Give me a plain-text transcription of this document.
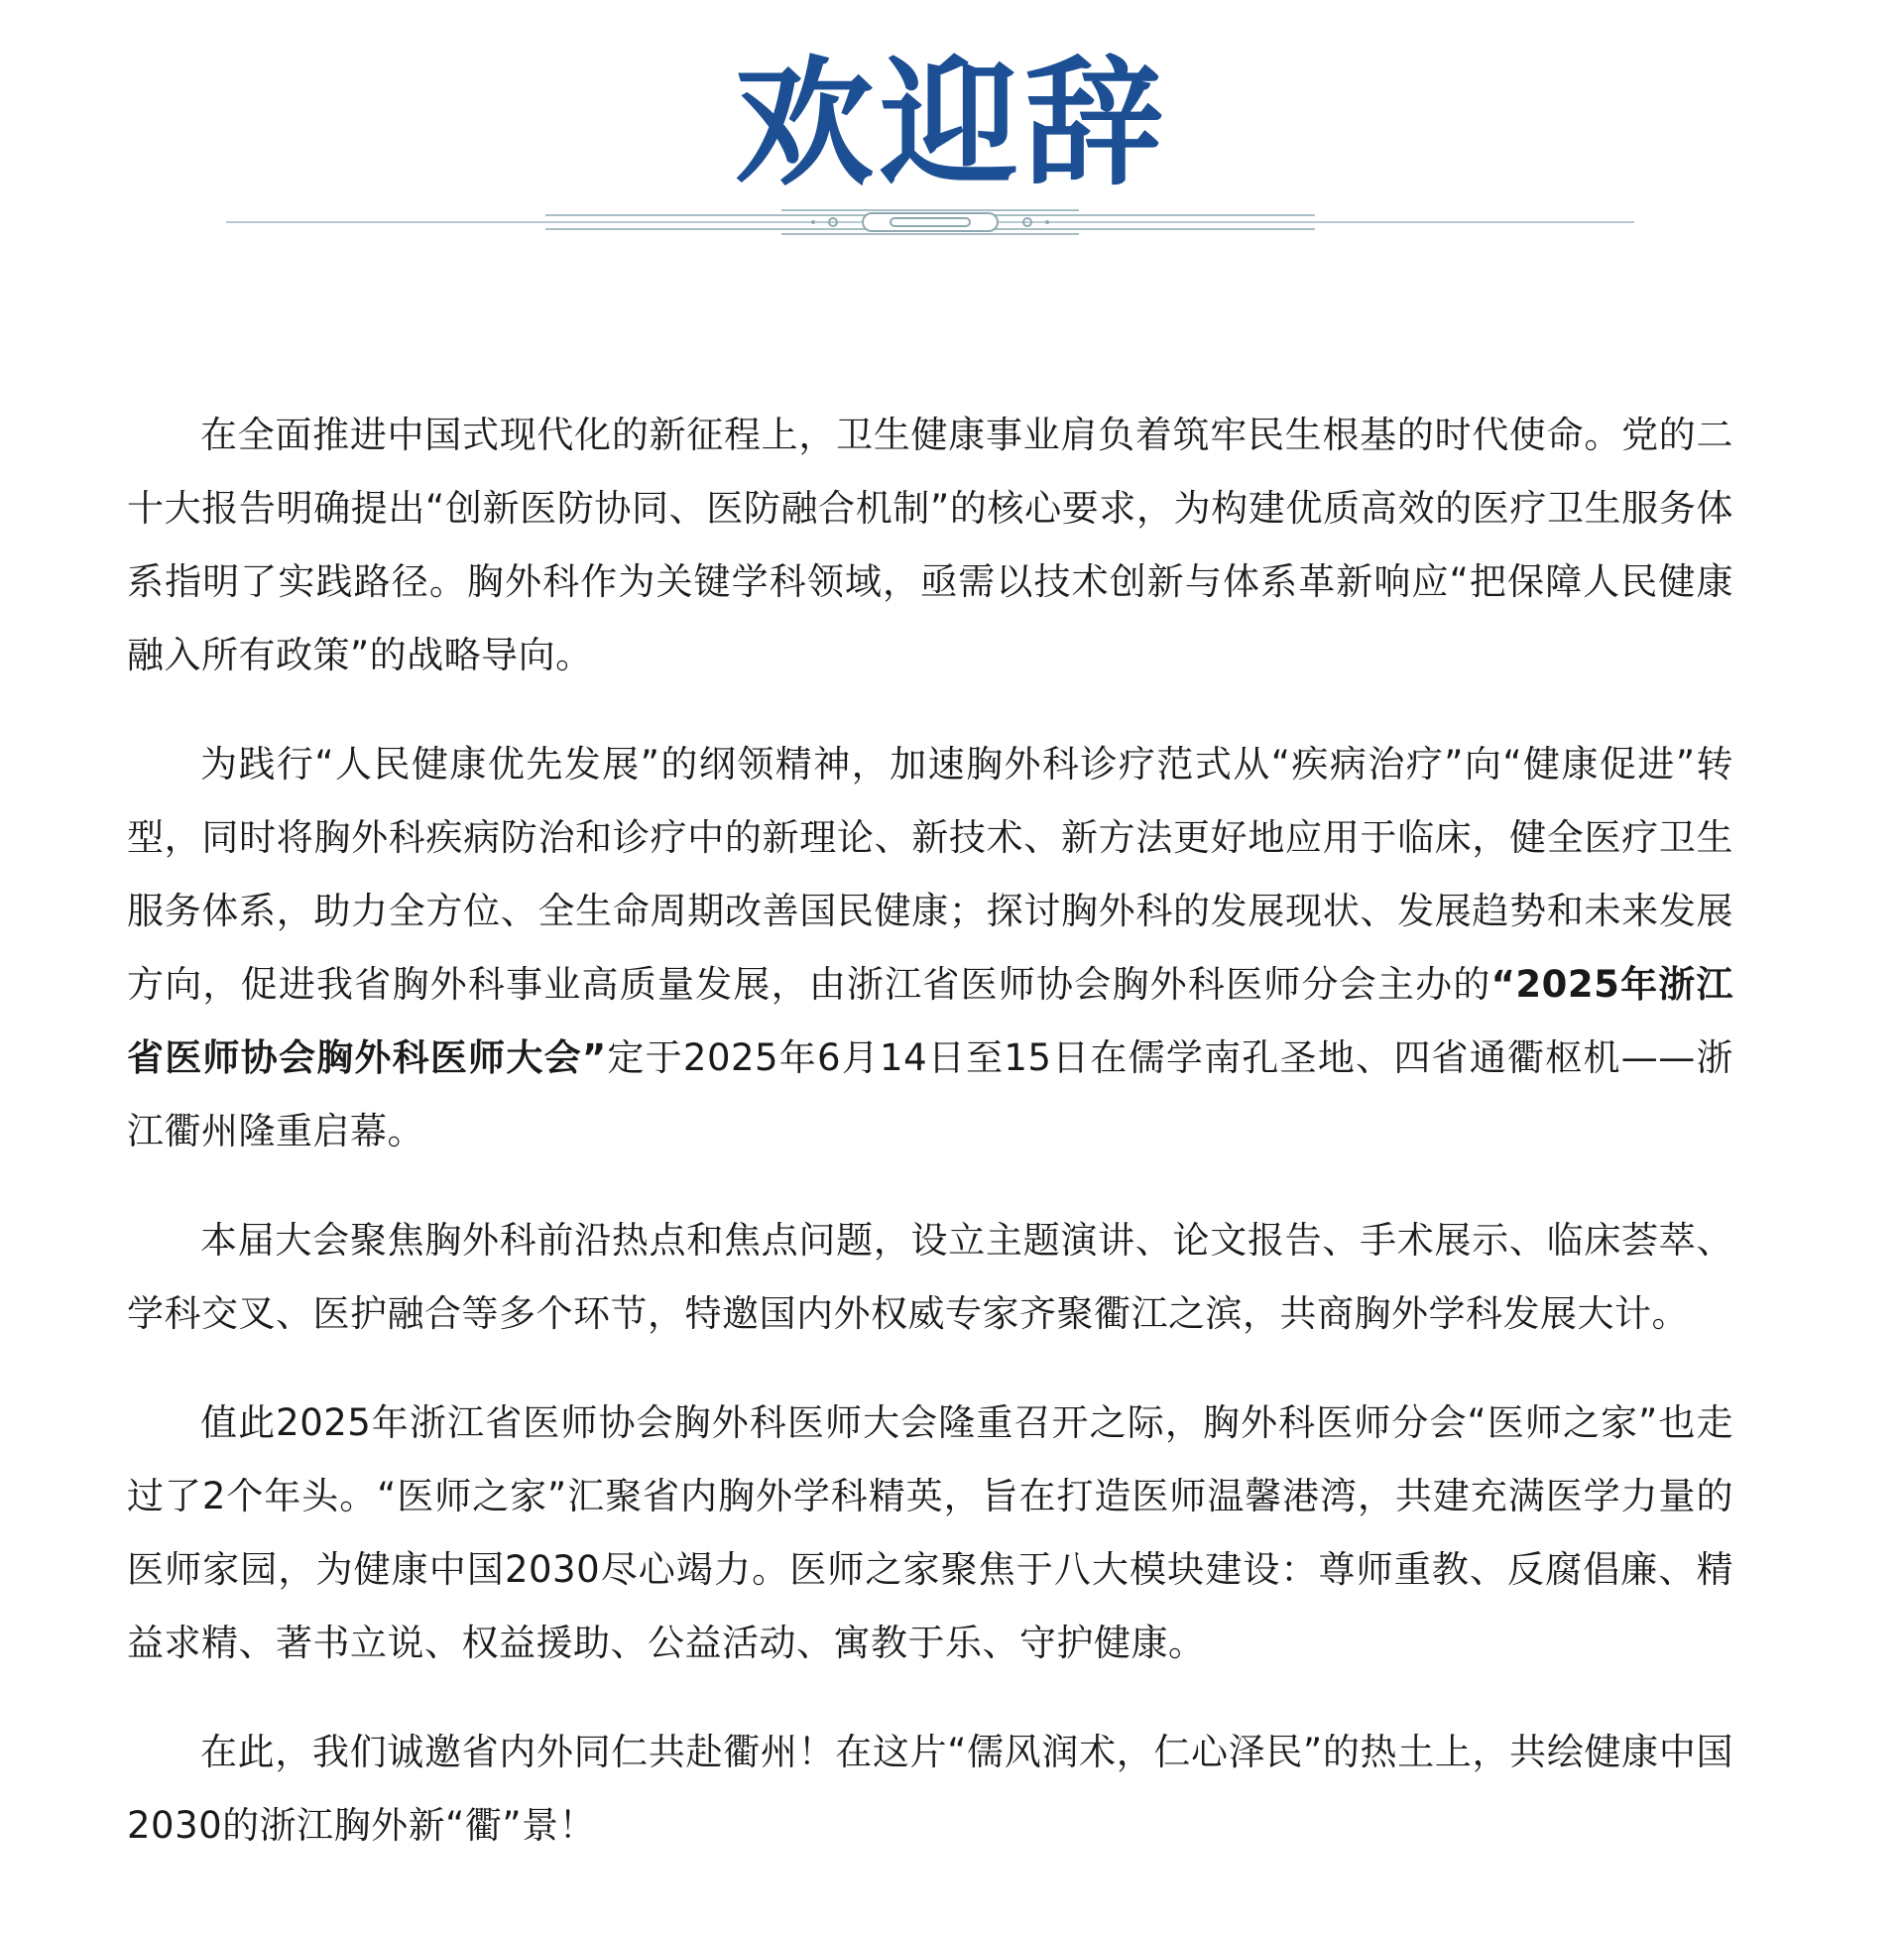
欢迎辞

在全面推进中国式现代化的新征程上，卫生健康事业肩负着筑牢民生根基的时代使命。党的二十大报告明确提出“创新医防协同、医防融合机制”的核心要求，为构建优质高效的医疗卫生服务体系指明了实践路径。胸外科作为关键学科领域，亟需以技术创新与体系革新响应“把保障人民健康融入所有政策”的战略导向。

为践行“人民健康优先发展”的纲领精神，加速胸外科诊疗范式从“疾病治疗”向“健康促进”转型，同时将胸外科疾病防治和诊疗中的新理论、新技术、新方法更好地应用于临床，健全医疗卫生服务体系，助力全方位、全生命周期改善国民健康；探讨胸外科的发展现状、发展趋势和未来发展方向，促进我省胸外科事业高质量发展，由浙江省医师协会胸外科医师分会主办的“2025年浙江省医师协会胸外科医师大会”定于2025年6月14日至15日在儒学南孔圣地、四省通衢枢机——浙江衢州隆重启幕。

本届大会聚焦胸外科前沿热点和焦点问题，设立主题演讲、论文报告、手术展示、临床荟萃、学科交叉、医护融合等多个环节，特邀国内外权威专家齐聚衢江之滨，共商胸外学科发展大计。

值此2025年浙江省医师协会胸外科医师大会隆重召开之际，胸外科医师分会“医师之家”也走过了2个年头。“医师之家”汇聚省内胸外学科精英，旨在打造医师温馨港湾，共建充满医学力量的医师家园，为健康中国2030尽心竭力。医师之家聚焦于八大模块建设：尊师重教、反腐倡廉、精益求精、著书立说、权益援助、公益活动、寓教于乐、守护健康。

在此，我们诚邀省内外同仁共赴衢州！在这片“儒风润术，仁心泽民”的热土上，共绘健康中国2030的浙江胸外新“衢”景！
